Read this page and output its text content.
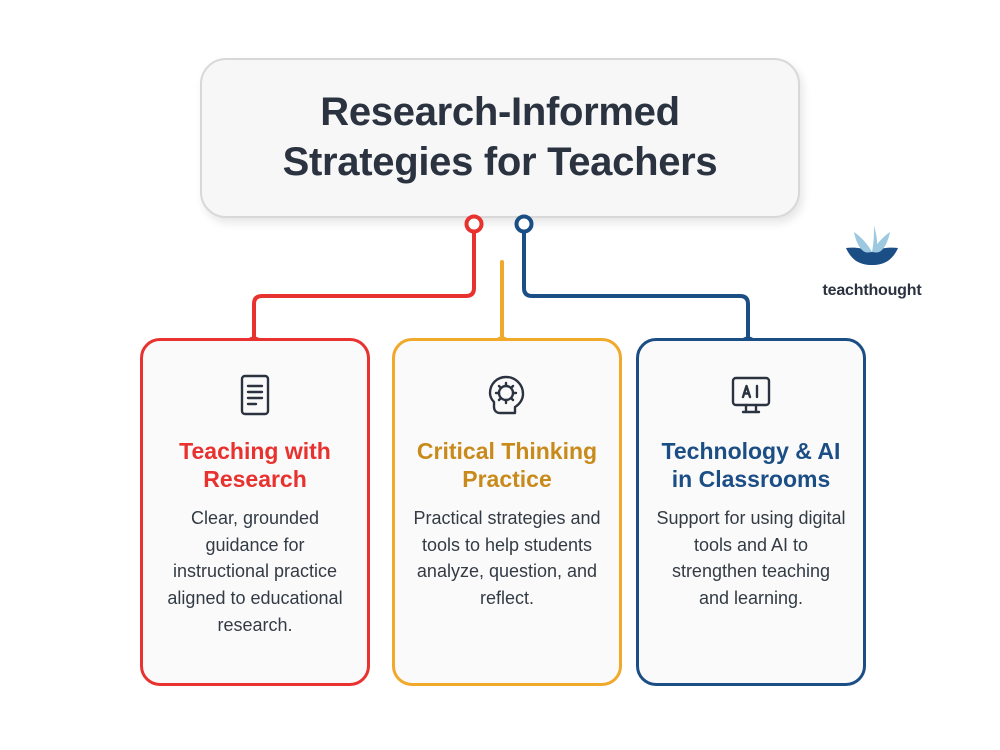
Research-Informed
Strategies for Teachers
Teaching with Research
Clear, grounded guidance for instructional practice aligned to educational research.
Critical Thinking Practice
Practical strategies and tools to help students analyze, question, and reflect.
Technology & AI in Classrooms
Support for using digital tools and AI to strengthen teaching and learning.
teachthought
